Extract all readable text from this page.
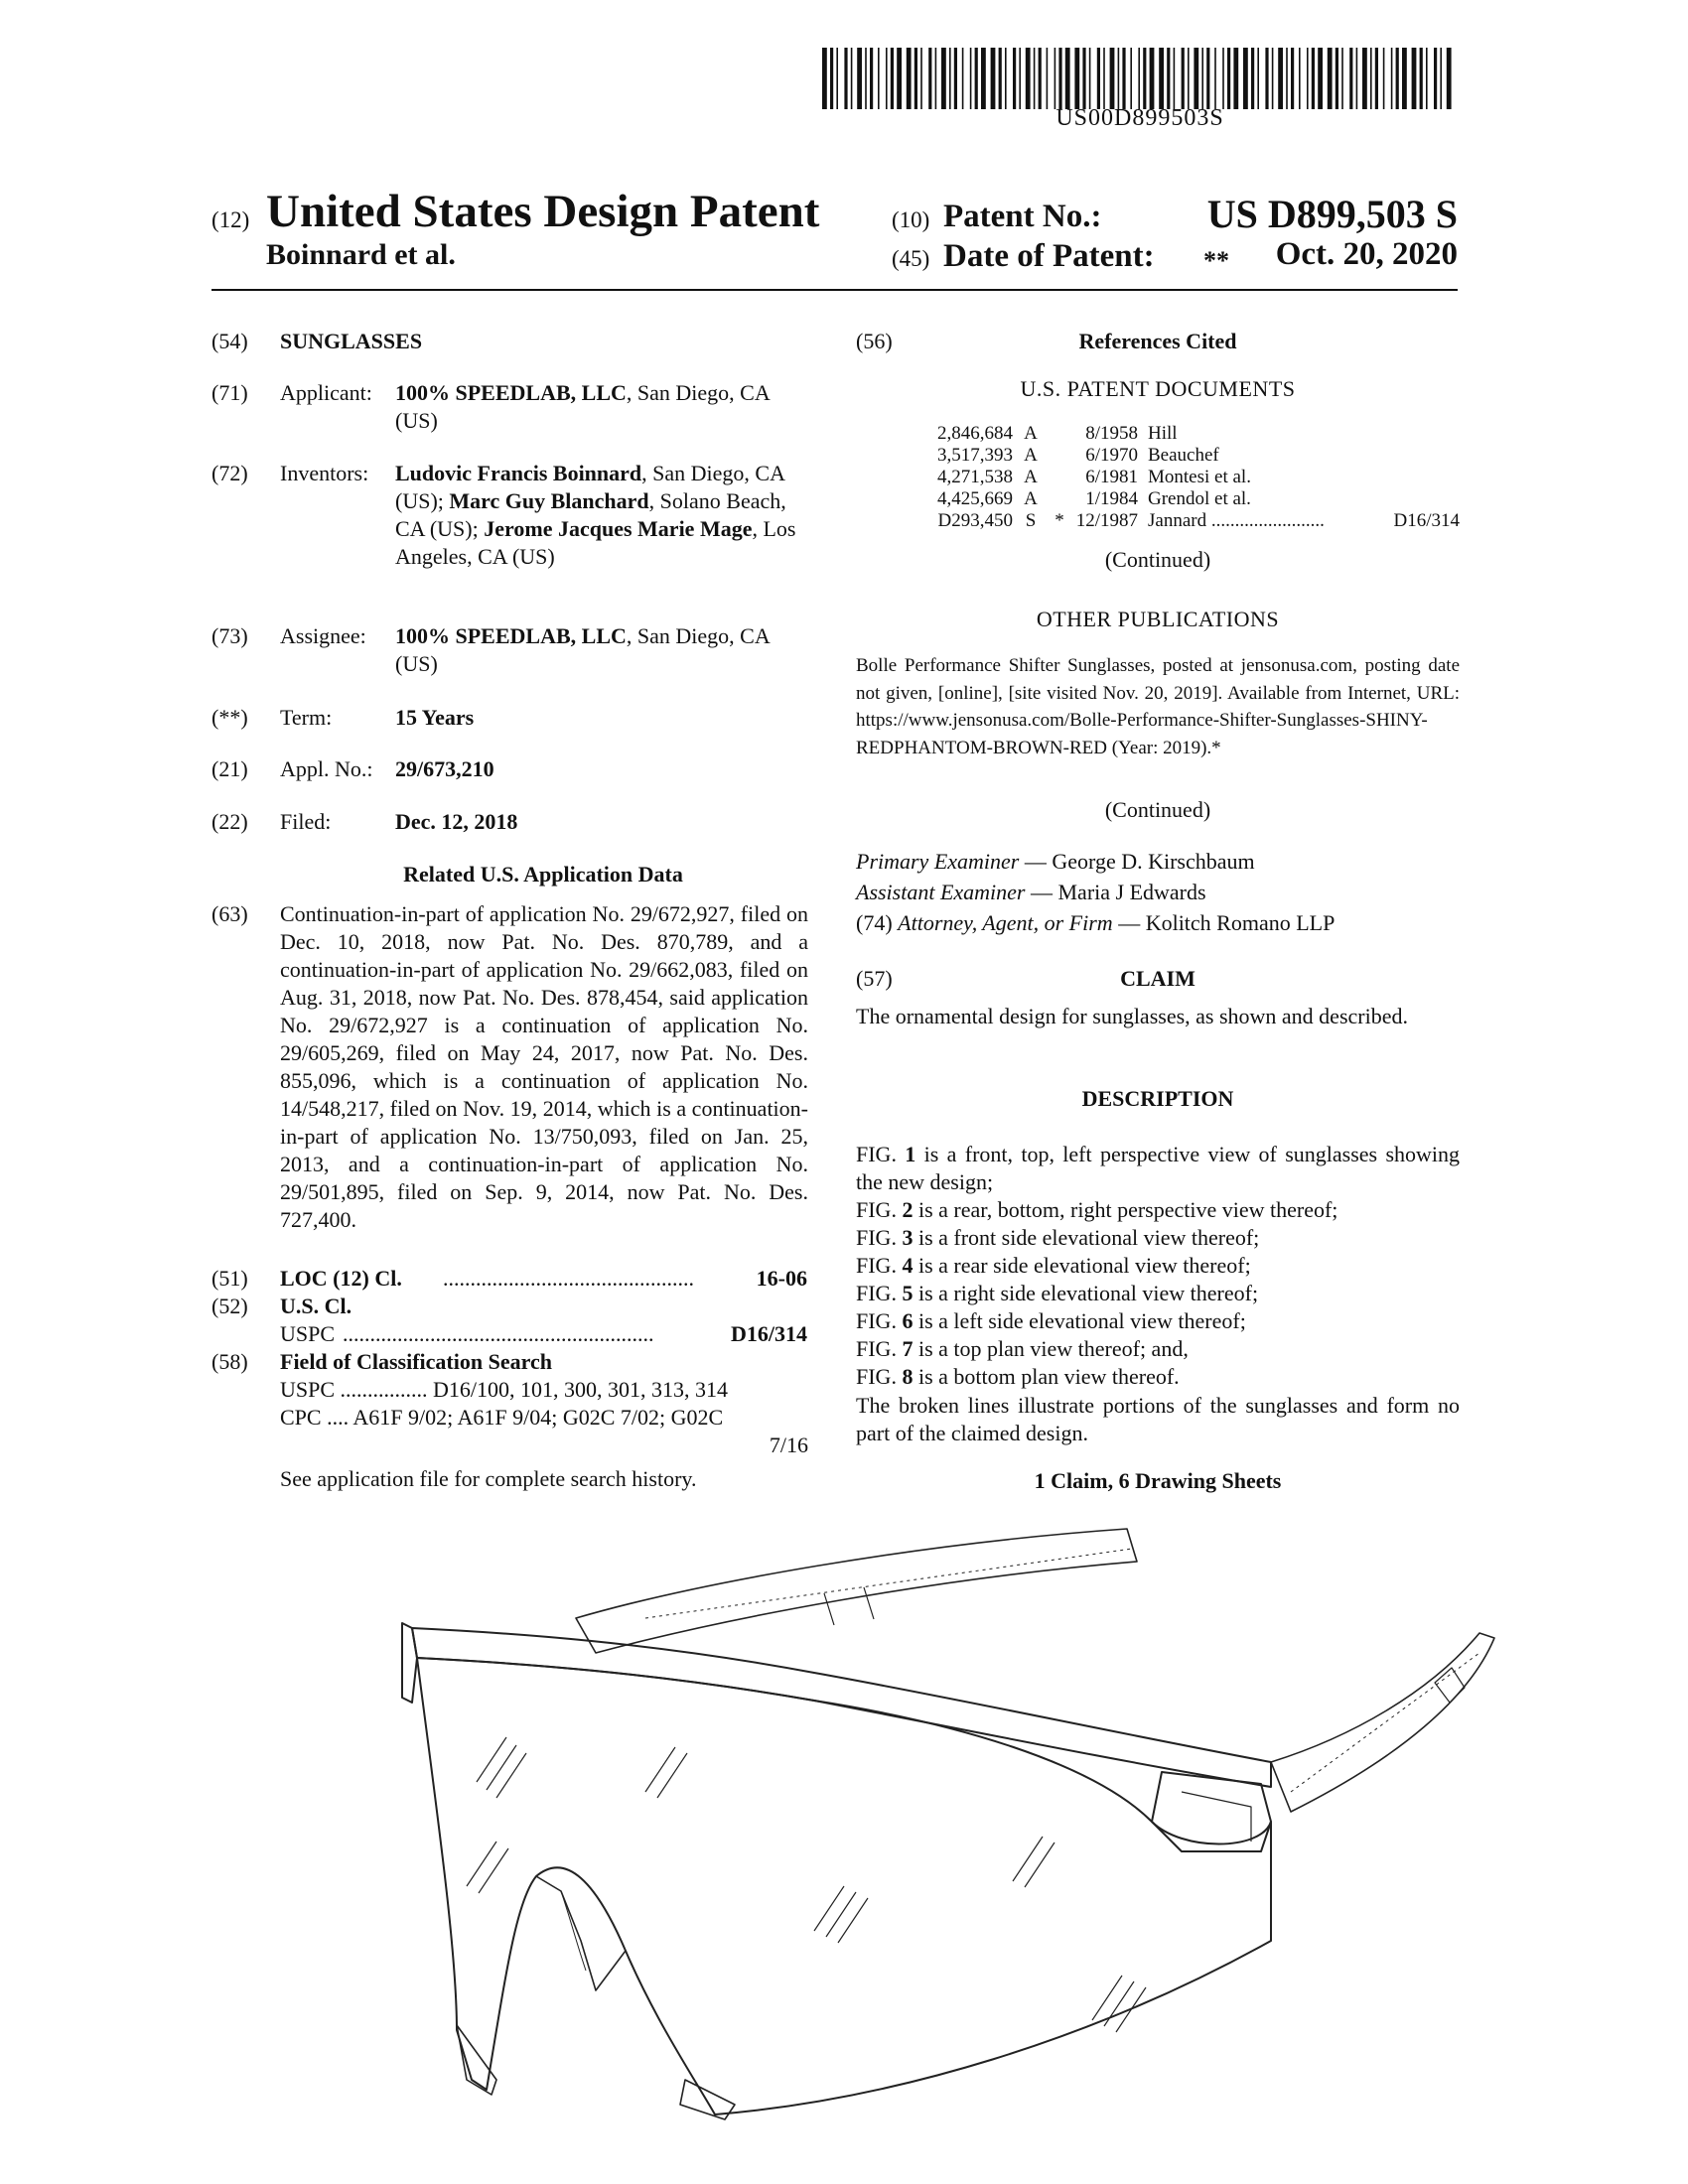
US00D899503S
(12) United States Design Patent
Boinnard et al.
(10) Patent No.:	US D899,503 S
(45) Date of Patent: ** Oct. 20, 2020
(54)	SUNGLASSES
(71)	Applicant: 100% SPEEDLAB, LLC, San Diego, CA (US)
(72)	Inventors: Ludovic Francis Boinnard, San Diego, CA (US); Marc Guy Blanchard, Solano Beach, CA (US); Jerome Jacques Marie Mage, Los Angeles, CA (US)
(73)	Assignee: 100% SPEEDLAB, LLC, San Diego, CA (US)
(**)	Term:	15 Years
(21)	Appl. No.: 29/673,210
(22)	Filed:	Dec. 12, 2018
Related U.S. Application Data
(63)	Continuation-in-part of application No. 29/672,927, filed on Dec. 10, 2018, now Pat. No. Des. 870,789, and a continuation-in-part of application No. 29/662,083, filed on Aug. 31, 2018, now Pat. No. Des. 878,454, said application No. 29/672,927 is a continuation of application No. 29/605,269, filed on May 24, 2017, now Pat. No. Des. 855,096, which is a continuation of application No. 14/548,217, filed on Nov. 19, 2014, which is a continuation-in-part of application No. 13/750,093, filed on Jan. 25, 2013, and a continuation-in-part of application No. 29/501,895, filed on Sep. 9, 2014, now Pat. No. Des. 727,400.
(51)	LOC (12) Cl. ..............................................	16-06
(52)	U.S. Cl.
USPC .........................................................	D16/314
(58)	Field of Classification Search
USPC ................ D16/100, 101, 300, 301, 313, 314
CPC .... A61F 9/02; A61F 9/04; G02C 7/02; G02C
7/16
See application file for complete search history.
(56)	References Cited
U.S. PATENT DOCUMENTS
2,846,684 A	8/1958 Hill
3,517,393 A	6/1970 Beauchef
4,271,538 A	6/1981 Montesi et al.
4,425,669 A	1/1984 Grendol et al.
D293,450 S * 12/1987 Jannard ........................	D16/314
(Continued)
OTHER PUBLICATIONS
Bolle Performance Shifter Sunglasses, posted at jensonusa.com, posting date not given, [online], [site visited Nov. 20, 2019]. Available from Internet, URL: https://www.jensonusa.com/Bolle-Performance-Shifter-Sunglasses-SHINY-REDPHANTOM-BROWN-RED (Year: 2019).*
(Continued)
Primary Examiner — George D. Kirschbaum
Assistant Examiner — Maria J Edwards
(74) Attorney, Agent, or Firm — Kolitch Romano LLP
(57)	CLAIM
The ornamental design for sunglasses, as shown and described.
DESCRIPTION
FIG. 1 is a front, top, left perspective view of sunglasses showing the new design;
FIG. 2 is a rear, bottom, right perspective view thereof;
FIG. 3 is a front side elevational view thereof;
FIG. 4 is a rear side elevational view thereof;
FIG. 5 is a right side elevational view thereof;
FIG. 6 is a left side elevational view thereof;
FIG. 7 is a top plan view thereof; and,
FIG. 8 is a bottom plan view thereof.
The broken lines illustrate portions of the sunglasses and form no part of the claimed design.
1 Claim, 6 Drawing Sheets
